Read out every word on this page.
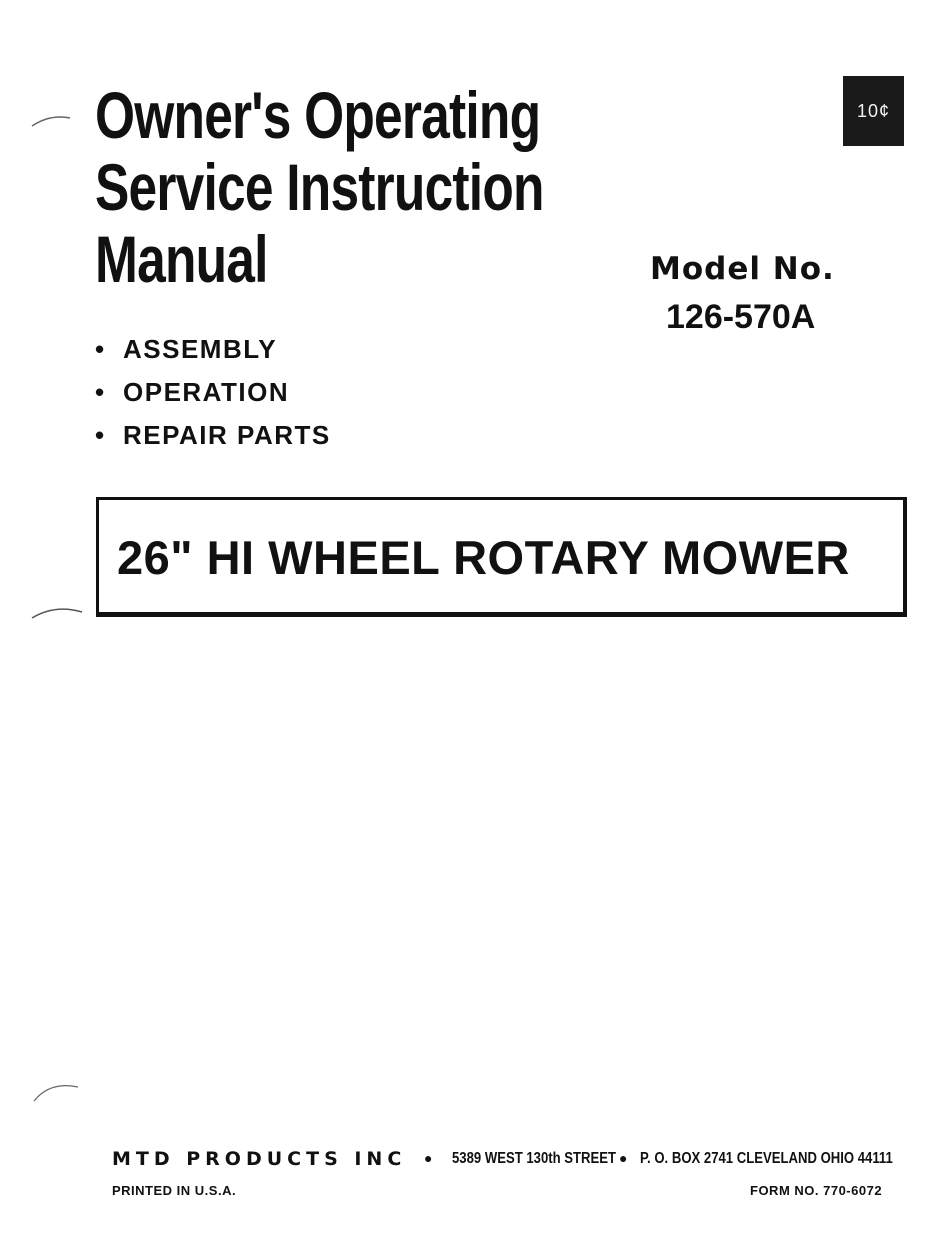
Owner's Operating
Service Instruction
Manual
10¢
Model No.
126-570A
• ASSEMBLY
• OPERATION
• REPAIR PARTS
26" HI WHEEL ROTARY MOWER
MTD PRODUCTS INC ● 5389 WEST 130th STREET ● P. O. BOX 2741 CLEVELAND OHIO 44111
PRINTED IN U.S.A.	FORM NO. 770-6072
